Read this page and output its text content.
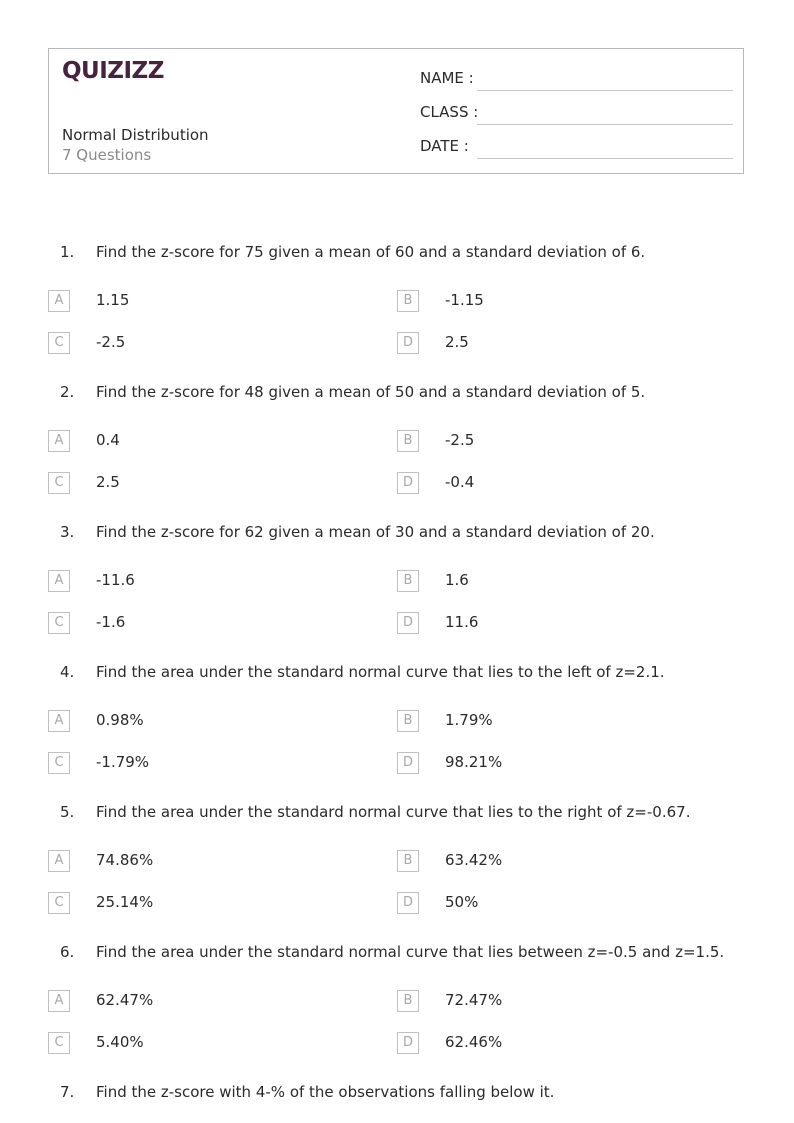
QUIZIZZ
Normal Distribution
7 Questions
NAME :
CLASS :
DATE :
1. Find the z-score for 75 given a mean of 60 and a standard deviation of 6.
A	1.15	B	-1.15
C	-2.5	D	2.5
2. Find the z-score for 48 given a mean of 50 and a standard deviation of 5.
A	0.4	B	-2.5
C	2.5	D	-0.4
3. Find the z-score for 62 given a mean of 30 and a standard deviation of 20.
A	-11.6	B	1.6
C	-1.6	D	11.6
4. Find the area under the standard normal curve that lies to the left of z=2.1.
A	0.98%	B	1.79%
C	-1.79%	D	98.21%
5. Find the area under the standard normal curve that lies to the right of z=-0.67.
A	74.86%	B	63.42%
C	25.14%	D	50%
6. Find the area under the standard normal curve that lies between z=-0.5 and z=1.5.
A	62.47%	B	72.47%
C	5.40%	D	62.46%
7. Find the z-score with 4-% of the observations falling below it.
